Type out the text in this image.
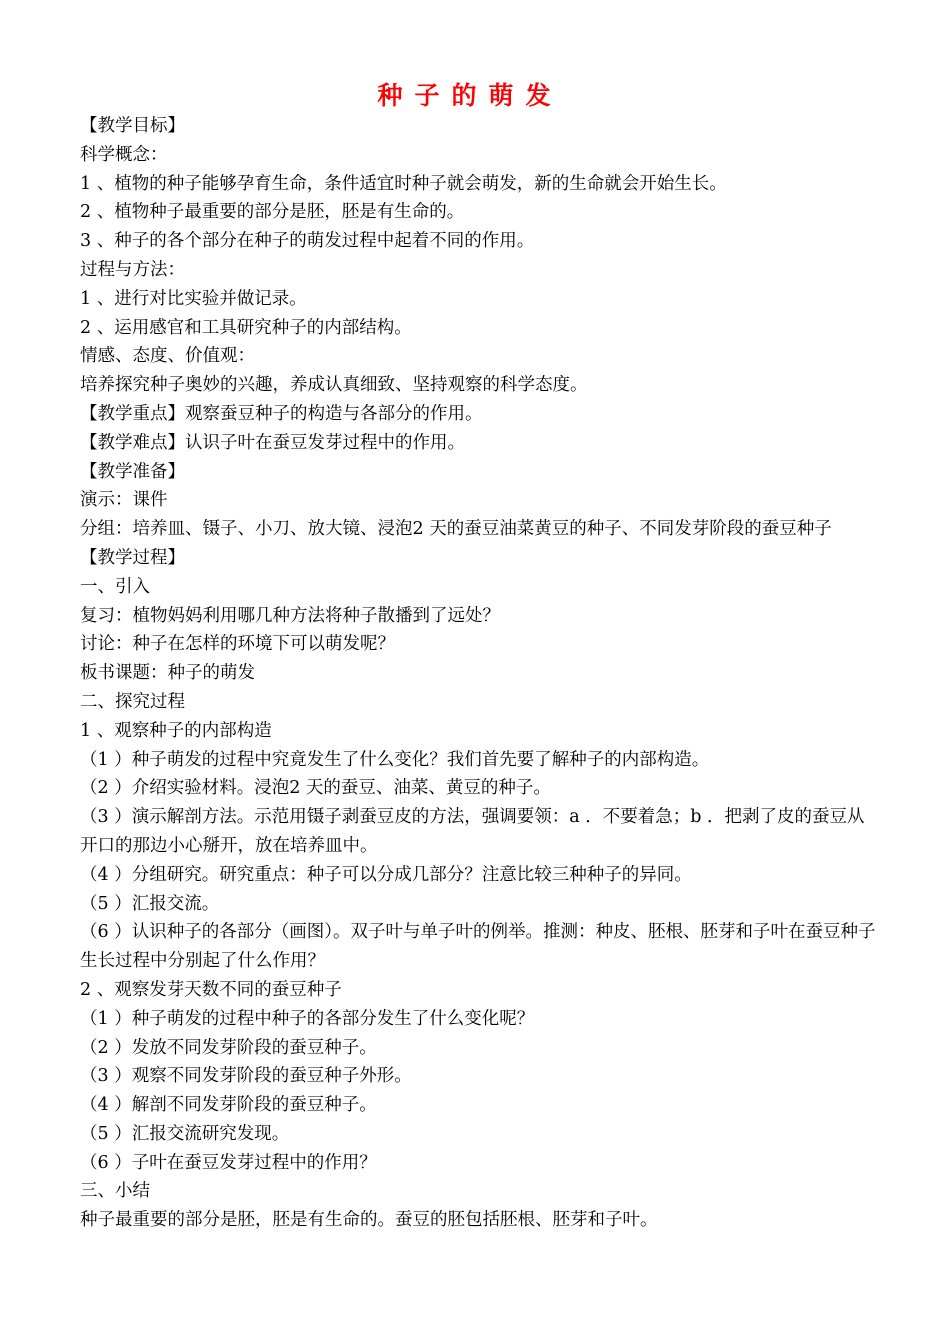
种子的萌发

【教学目标】

科学概念：

1 、植物的种子能够孕育生命，条件适宜时种子就会萌发，新的生命就会开始生长。

2 、植物种子最重要的部分是胚，胚是有生命的。

3 、种子的各个部分在种子的萌发过程中起着不同的作用。

过程与方法：

1 、进行对比实验并做记录。

2 、运用感官和工具研究种子的内部结构。

情感、态度、价值观：

培养探究种子奥妙的兴趣，养成认真细致、坚持观察的科学态度。

【教学重点】观察蚕豆种子的构造与各部分的作用。

【教学难点】认识子叶在蚕豆发芽过程中的作用。

【教学准备】

演示：课件

分组：培养皿、镊子、小刀、放大镜、浸泡2 天的蚕豆油菜黄豆的种子、不同发芽阶段的蚕豆种子

【教学过程】

一、引入

复习：植物妈妈利用哪几种方法将种子散播到了远处？

讨论：种子在怎样的环境下可以萌发呢？

板书课题：种子的萌发

二、探究过程

1 、观察种子的内部构造

（1 ）种子萌发的过程中究竟发生了什么变化？我们首先要了解种子的内部构造。

（2 ）介绍实验材料。浸泡2 天的蚕豆、油菜、黄豆的种子。

（3 ）演示解剖方法。示范用镊子剥蚕豆皮的方法，强调要领：a ．不要着急；b ．把剥了皮的蚕豆从开口的那边小心掰开，放在培养皿中。

（4 ）分组研究。研究重点：种子可以分成几部分？注意比较三种种子的异同。

（5 ）汇报交流。

（6 ）认识种子的各部分（画图）。双子叶与单子叶的例举。推测：种皮、胚根、胚芽和子叶在蚕豆种子生长过程中分别起了什么作用？

2 、观察发芽天数不同的蚕豆种子

（1 ）种子萌发的过程中种子的各部分发生了什么变化呢？

（2 ）发放不同发芽阶段的蚕豆种子。

（3 ）观察不同发芽阶段的蚕豆种子外形。

（4 ）解剖不同发芽阶段的蚕豆种子。

（5 ）汇报交流研究发现。

（6 ）子叶在蚕豆发芽过程中的作用？

三、小结

种子最重要的部分是胚，胚是有生命的。蚕豆的胚包括胚根、胚芽和子叶。
